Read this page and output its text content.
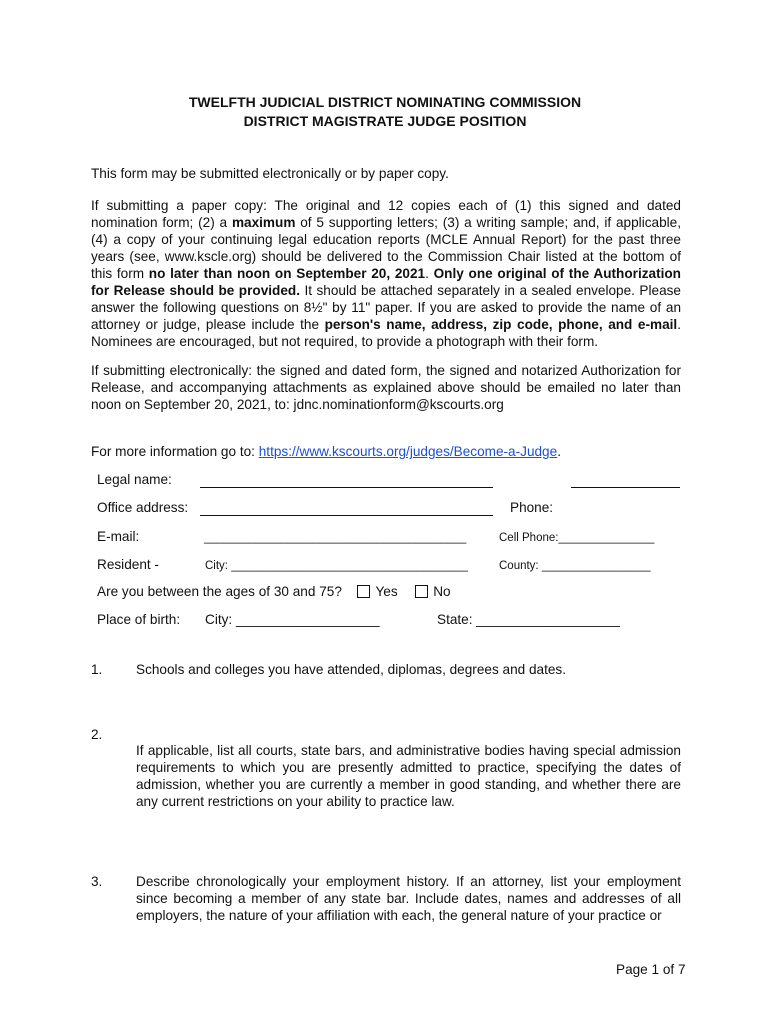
TWELFTH JUDICIAL DISTRICT NOMINATING COMMISSION
DISTRICT MAGISTRATE JUDGE POSITION
This form may be submitted electronically or by paper copy.
If submitting a paper copy: The original and 12 copies each of (1) this signed and dated nomination form; (2) a maximum of 5 supporting letters; (3) a writing sample; and, if applicable, (4) a copy of your continuing legal education reports (MCLE Annual Report) for the past three years (see, www.kscle.org) should be delivered to the Commission Chair listed at the bottom of this form no later than noon on September 20, 2021. Only one original of the Authorization for Release should be provided. It should be attached separately in a sealed envelope. Please answer the following questions on 8½" by 11" paper. If you are asked to provide the name of an attorney or judge, please include the person's name, address, zip code, phone, and e-mail. Nominees are encouraged, but not required, to provide a photograph with their form.
If submitting electronically: the signed and dated form, the signed and notarized Authorization for Release, and accompanying attachments as explained above should be emailed no later than noon on September 20, 2021, to: jdnc.nominationform@kscourts.org
For more information go to: https://www.kscourts.org/judges/Become-a-Judge.
Legal name:
Office address:	Phone:
E-mail:	_________________________________________	Cell Phone:_______________
Resident -	City: _____________________________________	County: _________________
Are you between the ages of 30 and 75? Yes	No
Place of birth: City: ___________________	State: ___________________
1. Schools and colleges you have attended, diplomas, degrees and dates.
2.
If applicable, list all courts, state bars, and administrative bodies having special admission requirements to which you are presently admitted to practice, specifying the dates of admission, whether you are currently a member in good standing, and whether there are any current restrictions on your ability to practice law.
3. Describe chronologically your employment history. If an attorney, list your employment since becoming a member of any state bar. Include dates, names and addresses of all employers, the nature of your affiliation with each, the general nature of your practice or
Page 1 of 7
